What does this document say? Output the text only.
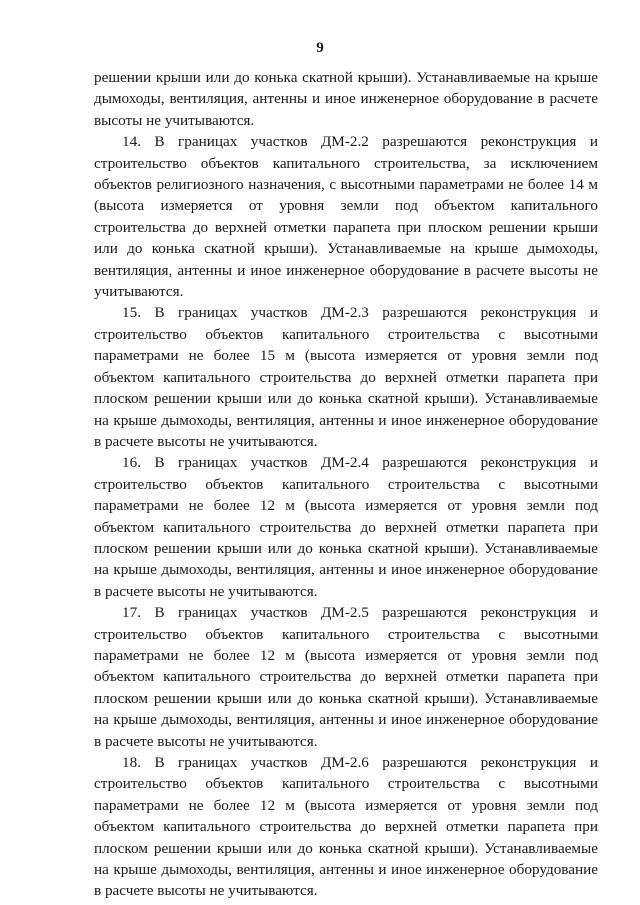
9

решении крыши или до конька скатной крыши). Устанавливаемые на крыше дымоходы, вентиляция, антенны и иное инженерное оборудование в расчете высоты не учитываются.

14. В границах участков ДМ-2.2 разрешаются реконструкция и строительство объектов капитального строительства, за исключением объектов религиозного назначения, с высотными параметрами не более 14 м (высота измеряется от уровня земли под объектом капитального строительства до верхней отметки парапета при плоском решении крыши или до конька скатной крыши). Устанавливаемые на крыше дымоходы, вентиляция, антенны и иное инженерное оборудование в расчете высоты не учитываются.

15. В границах участков ДМ-2.3 разрешаются реконструкция и строительство объектов капитального строительства с высотными параметрами не более 15 м (высота измеряется от уровня земли под объектом капитального строительства до верхней отметки парапета при плоском решении крыши или до конька скатной крыши). Устанавливаемые на крыше дымоходы, вентиляция, антенны и иное инженерное оборудование в расчете высоты не учитываются.

16. В границах участков ДМ-2.4 разрешаются реконструкция и строительство объектов капитального строительства с высотными параметрами не более 12 м (высота измеряется от уровня земли под объектом капитального строительства до верхней отметки парапета при плоском решении крыши или до конька скатной крыши). Устанавливаемые на крыше дымоходы, вентиляция, антенны и иное инженерное оборудование в расчете высоты не учитываются.

17. В границах участков ДМ-2.5 разрешаются реконструкция и строительство объектов капитального строительства с высотными параметрами не более 12 м (высота измеряется от уровня земли под объектом капитального строительства до верхней отметки парапета при плоском решении крыши или до конька скатной крыши). Устанавливаемые на крыше дымоходы, вентиляция, антенны и иное инженерное оборудование в расчете высоты не учитываются.

18. В границах участков ДМ-2.6 разрешаются реконструкция и строительство объектов капитального строительства с высотными параметрами не более 12 м (высота измеряется от уровня земли под объектом капитального строительства до верхней отметки парапета при плоском решении крыши или до конька скатной крыши). Устанавливаемые на крыше дымоходы, вентиляция, антенны и иное инженерное оборудование в расчете высоты не учитываются.
